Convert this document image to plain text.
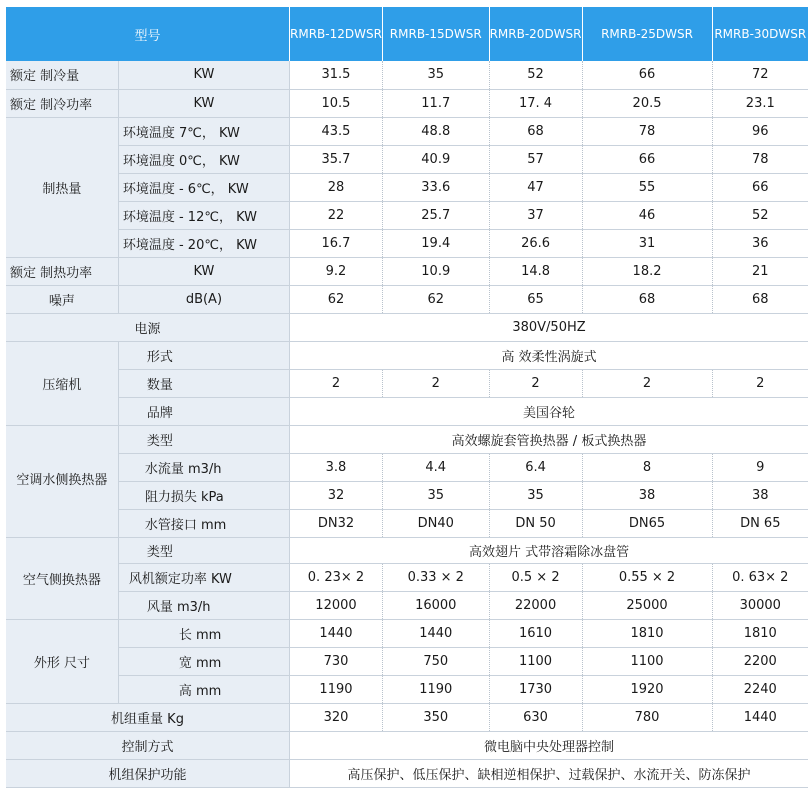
型号		RMRB-12DWSR	RMRB-15DWSR	RMRB-20DWSR	RMRB-25DWSR	RMRB-30DWSR
额定 制冷量	KW	31.5	35	52	66	72
额定 制冷功率	KW	10.5	11.7	17. 4	20.5	23.1
制热量	环境温度 7℃， KW	43.5	48.8	68	78	96
	环境温度 0℃， KW	35.7	40.9	57	66	78
	环境温度 - 6℃， KW	28	33.6	47	55	66
	环境温度 - 12℃， KW	22	25.7	37	46	52
	环境温度 - 20℃， KW	16.7	19.4	26.6	31	36
额定 制热功率	KW	9.2	10.9	14.8	18.2	21
噪声	dB(A)	62	62	65	68	68
电源		380V/50HZ				
压缩机	形式	高 效柔性涡旋式				
	数量	2	2	2	2	2
	品牌	美国谷轮				
空调水侧换热器	类型	高效螺旋套管换热器 / 板式换热器				
	水流量 m3/h	3.8	4.4	6.4	8	9
	阻力损失 kPa	32	35	35	38	38
	水管接口 mm	DN32	DN40	DN 50	DN65	DN 65
空气侧换热器	类型	高效翅片 式带溶霜除冰盘管				
	风机额定功率 KW	0. 23× 2	0.33 × 2	0.5 × 2	0.55 × 2	0. 63× 2
	风量 m3/h	12000	16000	22000	25000	30000
外形 尺寸	长 mm	1440	1440	1610	1810	1810
	宽 mm	730	750	1100	1100	2200
	高 mm	1190	1190	1730	1920	2240
机组重量 Kg		320	350	630	780	1440
控制方式		微电脑中央处理器控制				
机组保护功能		高压保护、低压保护、缺相逆相保护、过载保护、水流开关、防冻保护				
